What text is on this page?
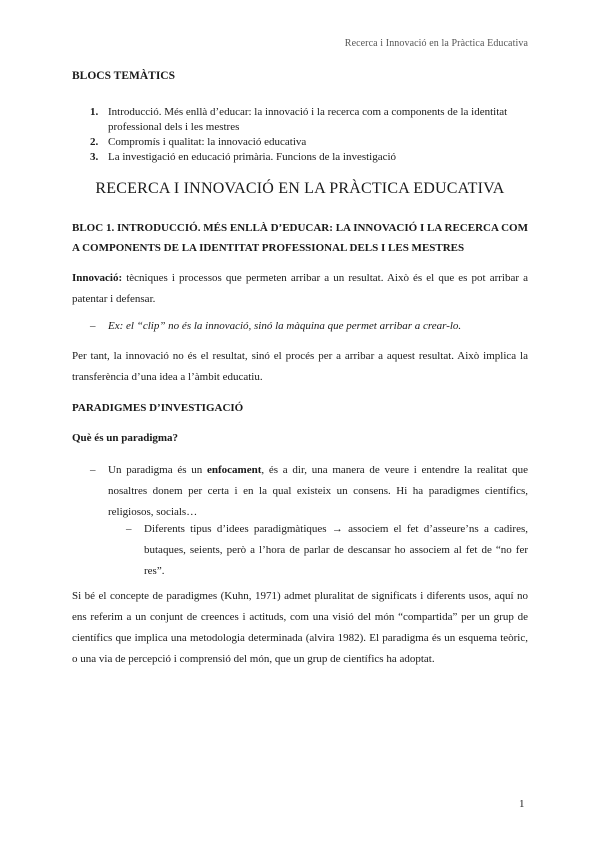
Recerca i Innovació en la Pràctica Educativa
BLOCS TEMÀTICS
1. Introducció. Més enllà d’educar: la innovació i la recerca com a components de la identitat professional dels i les mestres
2. Compromís i qualitat: la innovació educativa
3. La investigació en educació primària. Funcions de la investigació
RECERCA I INNOVACIÓ EN LA PRÀCTICA EDUCATIVA
BLOC 1. INTRODUCCIÓ. MÉS ENLLÀ D’EDUCAR: LA INNOVACIÓ I LA RECERCA COM A COMPONENTS DE LA IDENTITAT PROFESSIONAL DELS I LES MESTRES
Innovació: tècniques i processos que permeten arribar a un resultat. Això és el que es pot arribar a patentar i defensar.
– Ex: el “clip” no és la innovació, sinó la màquina que permet arribar a crear-lo.
Per tant, la innovació no és el resultat, sinó el procés per a arribar a aquest resultat. Això implica la transferència d’una idea a l’àmbit educatiu.
PARADIGMES D’INVESTIGACIÓ
Què és un paradigma?
– Un paradigma és un enfocament, és a dir, una manera de veure i entendre la realitat que nosaltres donem per certa i en la qual existeix un consens. Hi ha paradigmes científics, religiosos, socials…
– Diferents tipus d’idees paradigmàtiques → associem el fet d’asseure’ns a cadires, butaques, seients, però a l’hora de parlar de descansar ho associem al fet de “no fer res”.
Si bé el concepte de paradigmes (Kuhn, 1971) admet pluralitat de significats i diferents usos, aquí no ens referim a un conjunt de creences i actituds, com una visió del món “compartida” per un grup de científics que implica una metodologia determinada (alvira 1982). El paradigma és un esquema teòric, o una via de percepció i comprensió del món, que un grup de científics ha adoptat.
1
